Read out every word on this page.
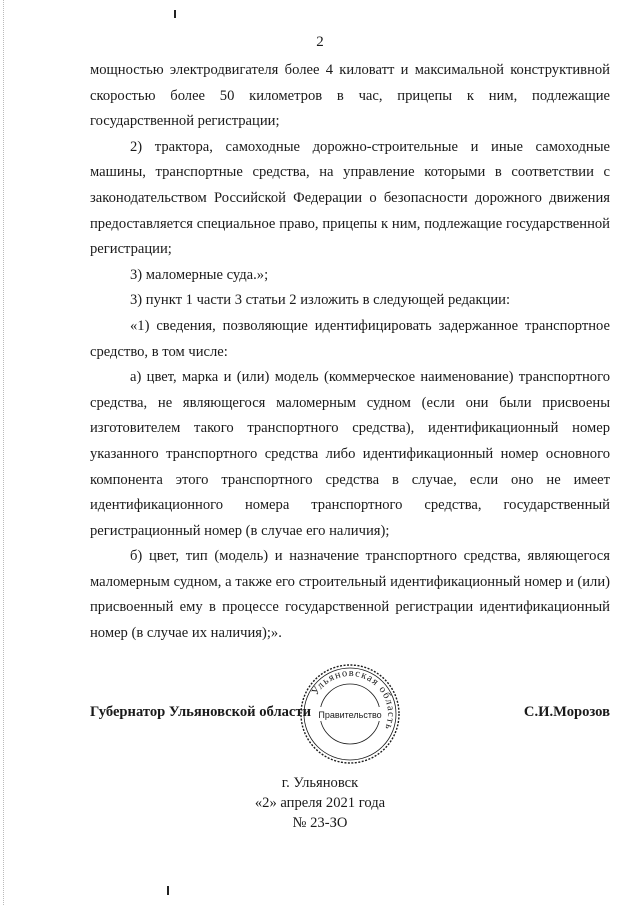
2

мощностью электродвигателя более 4 киловатт и максимальной конструктивной скоростью более 50 километров в час, прицепы к ним, подлежащие государственной регистрации;

2) трактора, самоходные дорожно-строительные и иные самоходные машины, транспортные средства, на управление которыми в соответствии с законодательством Российской Федерации о безопасности дорожного движения предоставляется специальное право, прицепы к ним, подлежащие государственной регистрации;

3) маломерные суда.»;

3) пункт 1 части 3 статьи 2 изложить в следующей редакции:

«1) сведения, позволяющие идентифицировать задержанное транспортное средство, в том числе:

а) цвет, марка и (или) модель (коммерческое наименование) транспортного средства, не являющегося маломерным судном (если они были присвоены изготовителем такого транспортного средства), идентификационный номер указанного транспортного средства либо идентификационный номер основного компонента этого транспортного средства в случае, если оно не имеет идентификационного номера транспортного средства, государственный регистрационный номер (в случае его наличия);

б) цвет, тип (модель) и назначение транспортного средства, являющегося маломерным судном, а также его строительный идентификационный номер и (или) присвоенный ему в процессе государственной регистрации идентификационный номер (в случае их наличия);».

Губернатор Ульяновской области	С.И.Морозов
Ульяновская область
Правительство
г. Ульяновск
«2» апреля 2021 года
№ 23-ЗО
